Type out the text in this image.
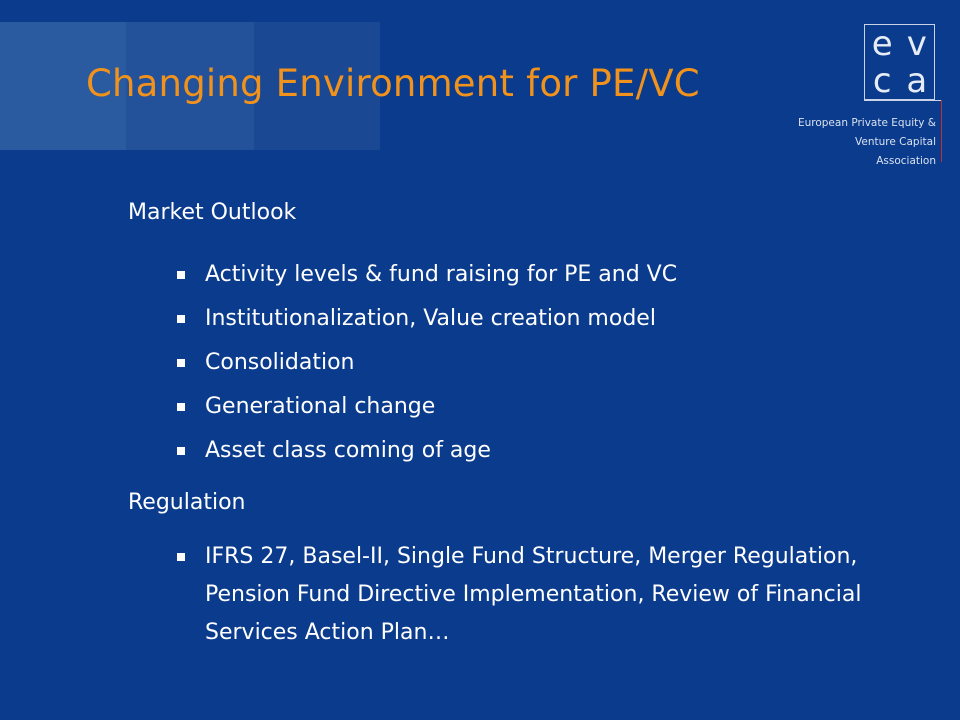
Changing Environment for PE/VC
e v
c a
European Private Equity &
Venture Capital
Association
Market Outlook
Activity levels & fund raising for PE and VC
Institutionalization, Value creation model
Consolidation
Generational change
Asset class coming of age
Regulation
IFRS 27, Basel-II, Single Fund Structure, Merger Regulation, Pension Fund Directive Implementation, Review of Financial Services Action Plan…
